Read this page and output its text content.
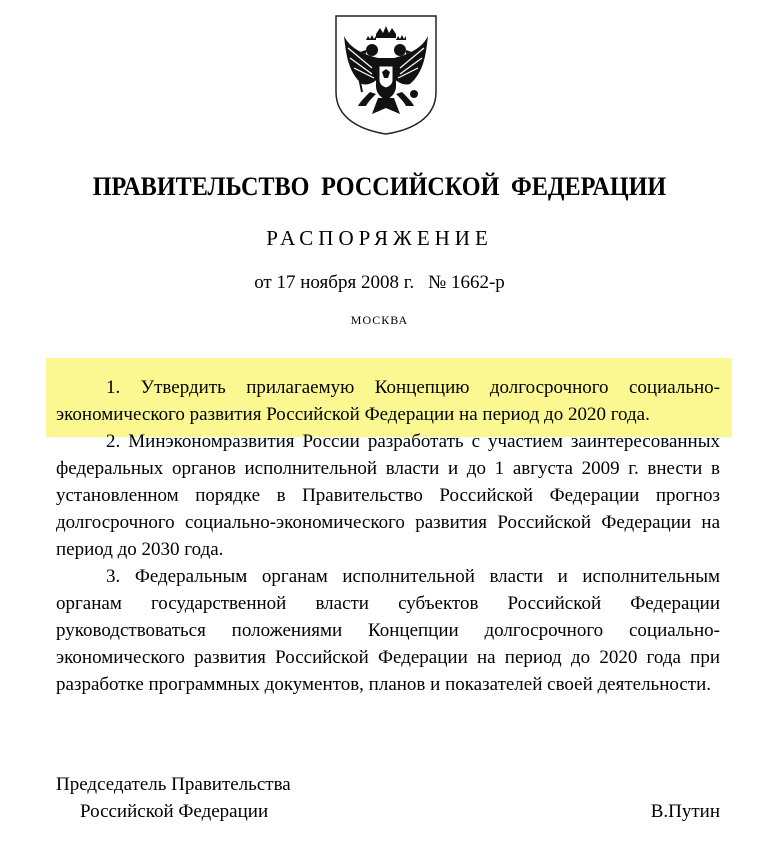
ПРАВИТЕЛЬСТВО РОССИЙСКОЙ ФЕДЕРАЦИИ
РАСПОРЯЖЕНИЕ
от 17 ноября 2008 г. № 1662-р
МОСКВА

1. Утвердить прилагаемую Концепцию долгосрочного социально-экономического развития Российской Федерации на период до 2020 года.

2. Минэкономразвития России разработать с участием заинтересованных федеральных органов исполнительной власти и до 1 августа 2009 г. внести в установленном порядке в Правительство Российской Федерации прогноз долгосрочного социально-экономического развития Российской Федерации на период до 2030 года.

3. Федеральным органам исполнительной власти и исполнительным органам государственной власти субъектов Российской Федерации руководствоваться положениями Концепции долгосрочного социально-экономического развития Российской Федерации на период до 2020 года при разработке программных документов, планов и показателей своей деятельности.

Председатель Правительства
Российской Федерации	В.Путин
